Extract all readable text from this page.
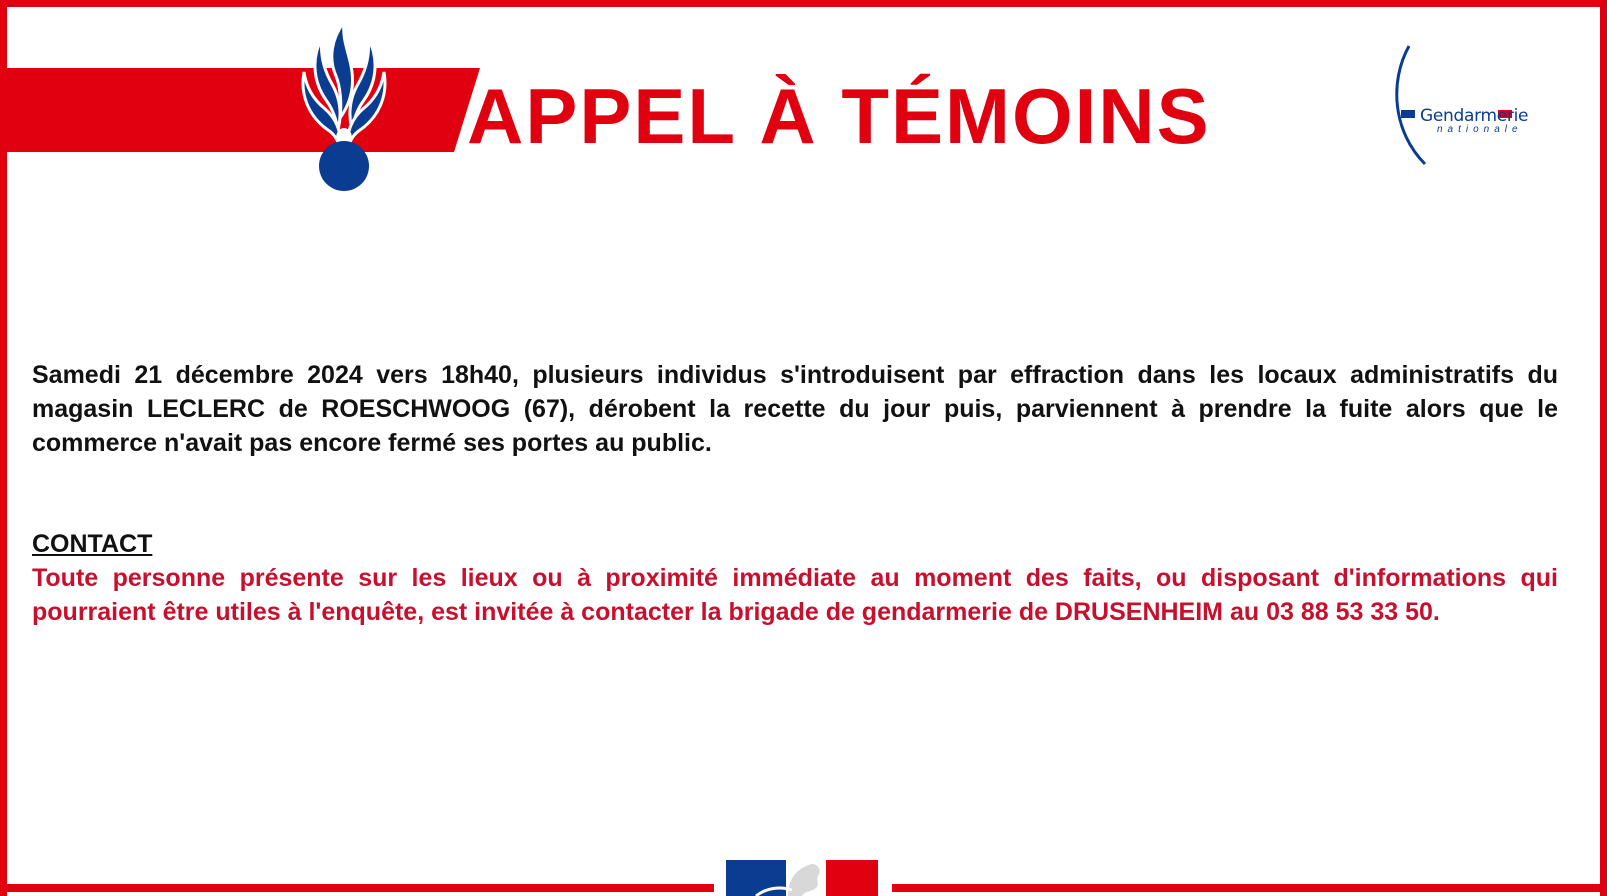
APPEL À TÉMOINS	Gendarmerie
nationale

Samedi 21 décembre 2024 vers 18h40, plusieurs individus s'introduisent par effraction dans les locaux administratifs du magasin LECLERC de ROESCHWOOG (67), dérobent la recette du jour puis, parviennent à prendre la fuite alors que le commerce n'avait pas encore fermé ses portes au public.

CONTACT

Toute personne présente sur les lieux ou à proximité immédiate au moment des faits, ou disposant d'informations qui pourraient être utiles à l'enquête, est invitée à contacter la brigade de gendarmerie de DRUSENHEIM au 03 88 53 33 50.
